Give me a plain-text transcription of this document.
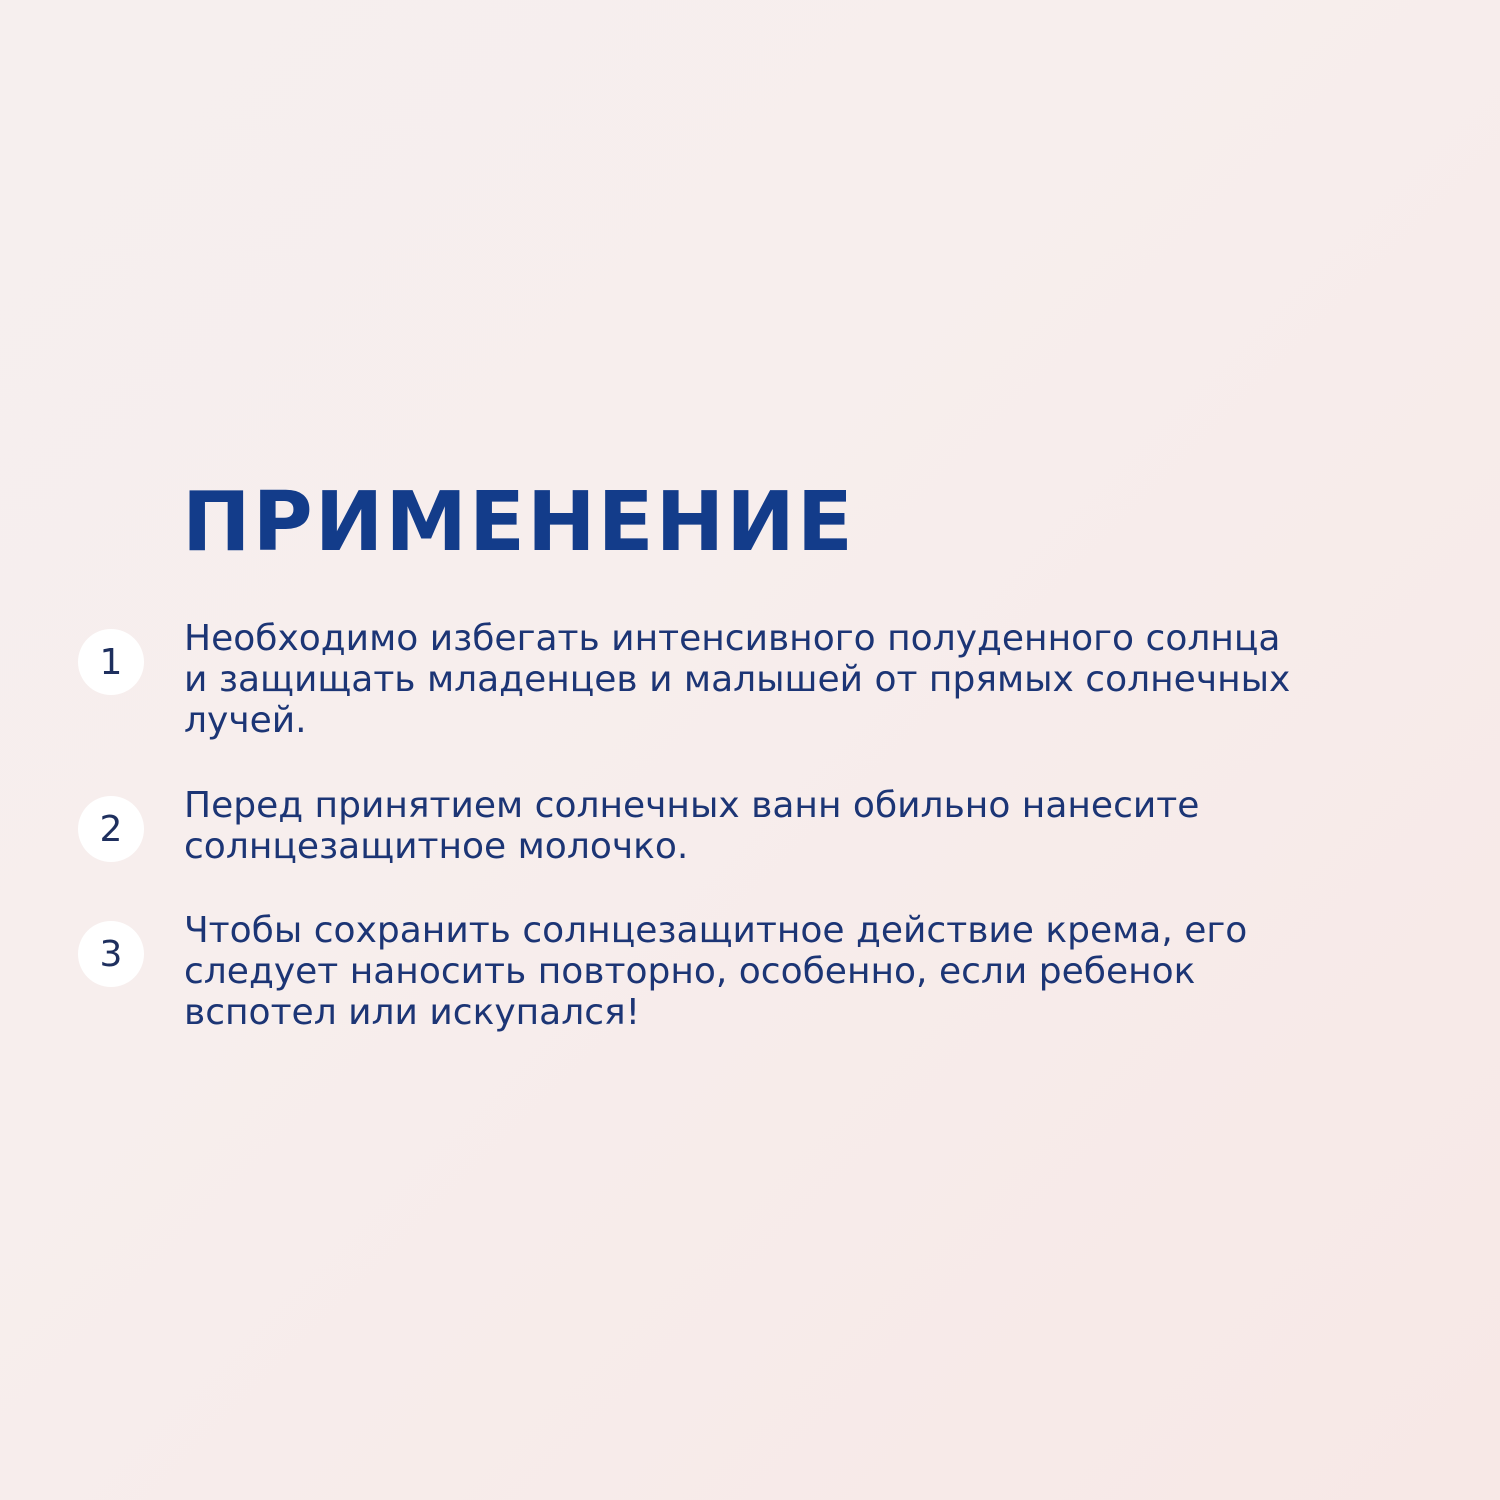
ПРИМЕНЕНИЕ
1

Необходимо избегать интенсивного полуденного солнца
и защищать младенцев и малышей от прямых солнечных
лучей.

2

Перед принятием солнечных ванн обильно нанесите
солнцезащитное молочко.

3

Чтобы сохранить солнцезащитное действие крема, его
следует наносить повторно, особенно, если ребенок
вспотел или искупался!
